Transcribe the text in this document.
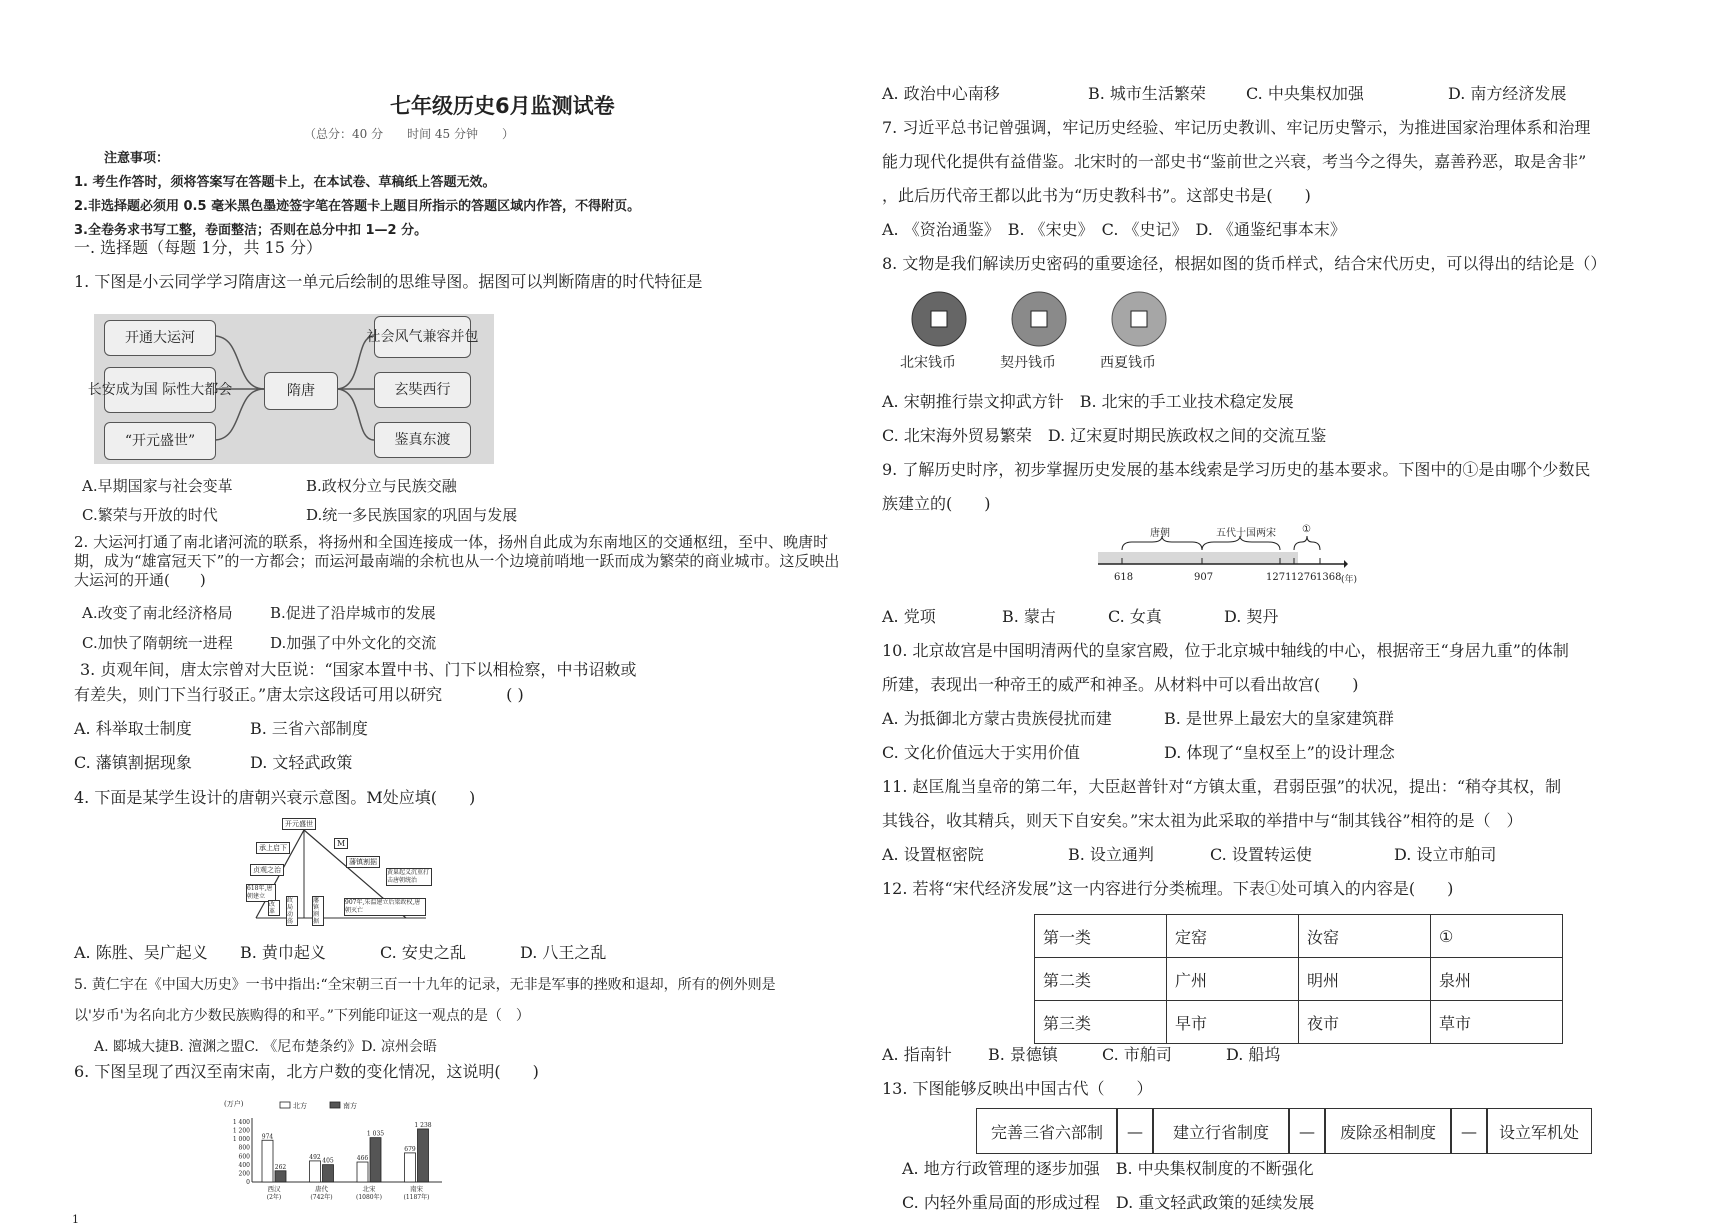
七年级历史6月监测试卷
（总分：40 分　　时间 45 分钟　　）
注意事项：
1. 考生作答时，须将答案写在答题卡上，在本试卷、草稿纸上答题无效。
2.非选择题必须用 0.5 毫米黑色墨迹签字笔在答题卡上题目所指示的答题区域内作答，不得附页。
3.全卷务求书写工整，卷面整洁；否则在总分中扣 1—2 分。
一. 选择题（每题 1分，共 15 分）
1. 下图是小云同学学习隋唐这一单元后绘制的思维导图。据图可以判断隋唐的时代特征是
开通大运河
长安成为国 际性大都会
“开元盛世”
隋唐
社会风气兼容并包
玄奘西行
鉴真东渡
A.早期国家与社会变革	B.政权分立与民族交融
C.繁荣与开放的时代	D.统一多民族国家的巩固与发展
2. 大运河打通了南北诸河流的联系，将扬州和全国连接成一体，扬州自此成为东南地区的交通枢纽，至中、晚唐时期，成为“雄富冠天下”的一方都会；而运河最南端的余杭也从一个边境前哨地一跃而成为繁荣的商业城市。这反映出大运河的开通(　　)
A.改变了南北经济格局 B.促进了沿岸城市的发展
C.加快了隋朝统一进程 D.加强了中外文化的交流
3. 贞观年间，唐太宗曾对大臣说：“国家本置中书、门下以相检察，中书诏敕或
有差失，则门下当行驳正。”唐太宗这段话可用以研究　　　　( )
A. 科举取士制度	B. 三省六部制度
C. 藩镇割据现象	D. 文轻武政策
4. 下面是某学生设计的唐朝兴衰示意图。M处应填(　　)
开元盛世
M
承上启下
贞观之治
618年,唐朝建立
藩镇割据
黄巢起义沉重打击唐朝统治
907年,朱温建立后梁政权,唐朝灭亡
改革
政局动荡
藩镇割据
A. 陈胜、吴广起义 B. 黄巾起义	C. 安史之乱	D. 八王之乱
5. 黄仁宇在《中国大历史》一书中指出:“全宋朝三百一十九年的记录，无非是军事的挫败和退却，所有的例外则是
以'岁币'为名向北方少数民族购得的和平。”下列能印证这一观点的是（　）
A. 郾城大捷B. 澶渊之盟C. 《尼布楚条约》D. 凉州会晤
6. 下图呈现了西汉至南宋南，北方户数的变化情况，这说明(　　)
(万户)
1 400
1 200
1 000
800
600
400
200
0
北方	南方
974
262
西汉
(2年)
492
405
唐代
(742年)
466
1 035
北宋
(1080年)
679
1 238
南宋
(1187年)
1
A. 政治中心南移	B. 城市生活繁荣	C. 中央集权加强	D. 南方经济发展
7. 习近平总书记曾强调，牢记历史经验、牢记历史教训、牢记历史警示，为推进国家治理体系和治理
能力现代化提供有益借鉴。北宋时的一部史书“鉴前世之兴衰，考当今之得失，嘉善矜恶，取是舍非”
，此后历代帝王都以此书为“历史教科书”。这部史书是(　　)
A. 《资治通鉴》　B. 《宋史》　C. 《史记》　D. 《通鉴纪事本末》
8. 文物是我们解读历史密码的重要途径，根据如图的货币样式，结合宋代历史，可以得出的结论是（）
北宋钱币	契丹钱币	西夏钱币
A. 宋朝推行崇文抑武方针　B. 北宋的手工业技术稳定发展
C. 北宋海外贸易繁荣　D. 辽宋夏时期民族政权之间的交流互鉴
9. 了解历史时序，初步掌握历史发展的基本线索是学习历史的基本要求。下图中的①是由哪个少数民
族建立的(　　)
唐朝	五代十国两宋	①
618	907	1271 1276 1368 (年)
A. 党项	B. 蒙古	C. 女真	D. 契丹
10. 北京故宫是中国明清两代的皇家宫殿，位于北京城中轴线的中心，根据帝王“身居九重”的体制
所建，表现出一种帝王的威严和神圣。从材料中可以看出故宫(　　)
A. 为抵御北方蒙古贵族侵扰而建	B. 是世界上最宏大的皇家建筑群
C. 文化价值远大于实用价值	D. 体现了“皇权至上”的设计理念
11. 赵匡胤当皇帝的第二年，大臣赵普针对“方镇太重，君弱臣强”的状况，提出：“稍夺其权，制
其钱谷，收其精兵，则天下自安矣。”宋太祖为此采取的举措中与“制其钱谷”相符的是（　）
A. 设置枢密院	B. 设立通判	C. 设置转运使	D. 设立市舶司
12. 若将“宋代经济发展”这一内容进行分类梳理。下表①处可填入的内容是(　　)
第一类	定窑	汝窑	①
第二类	广州	明州	泉州
第三类	早市	夜市	草市
A. 指南针 B. 景德镇	C. 市舶司	D. 船坞
13. 下图能够反映出中国古代（　　）
完善三省六部制	—	建立行省制度	—	废除丞相制度	—	设立军机处
A. 地方行政管理的逐步加强　B. 中央集权制度的不断强化
C. 内轻外重局面的形成过程　D. 重文轻武政策的延续发展
